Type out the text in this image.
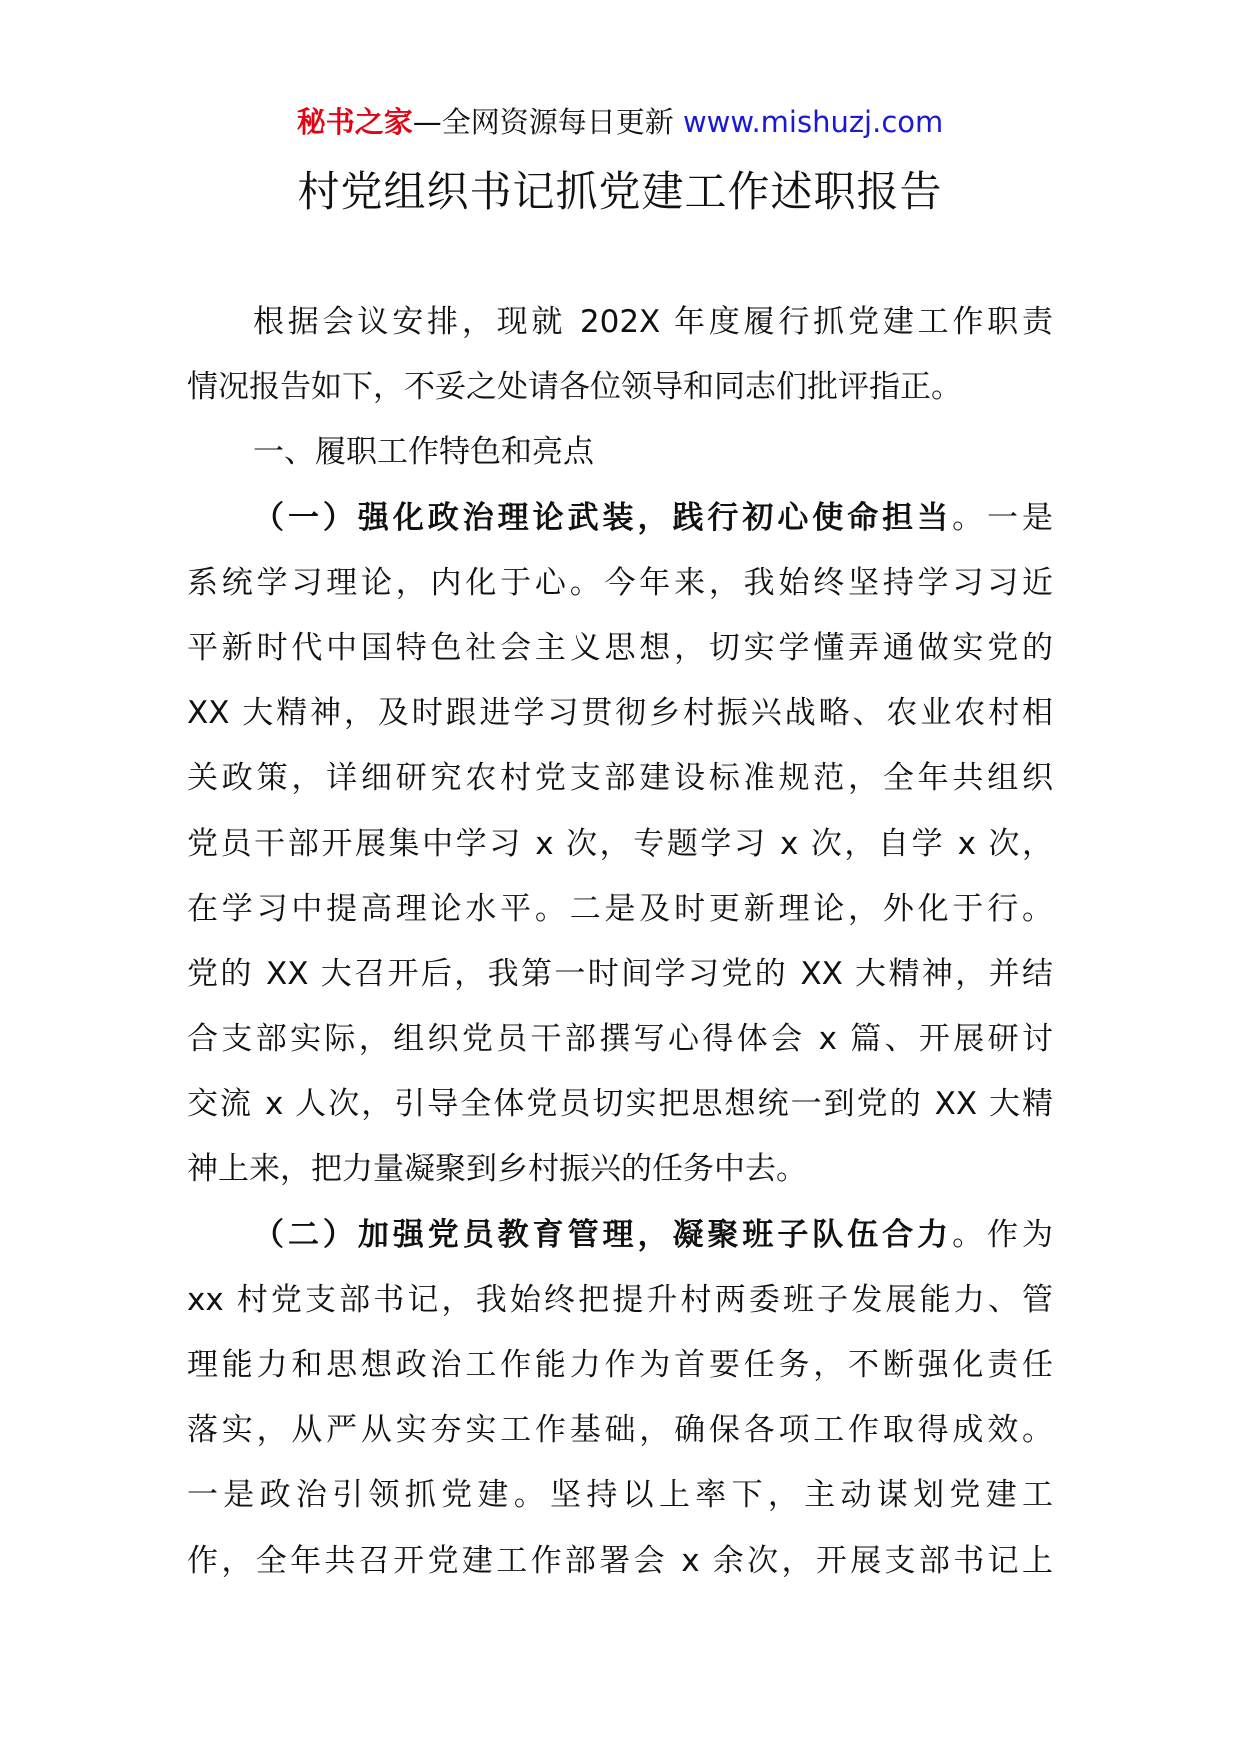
秘书之家—全网资源每日更新 www.mishuzj.com
村党组织书记抓党建工作述职报告
根据会议安排，现就 202X 年度履行抓党建工作职责
情况报告如下，不妥之处请各位领导和同志们批评指正。
一、履职工作特色和亮点
（一）强化政治理论武装，践行初心使命担当。一是
系统学习理论，内化于心。今年来，我始终坚持学习习近
平新时代中国特色社会主义思想，切实学懂弄通做实党的
XX 大精神，及时跟进学习贯彻乡村振兴战略、农业农村相
关政策，详细研究农村党支部建设标准规范，全年共组织
党员干部开展集中学习 x 次，专题学习 x 次，自学 x 次，
在学习中提高理论水平。二是及时更新理论，外化于行。
党的 XX 大召开后，我第一时间学习党的 XX 大精神，并结
合支部实际，组织党员干部撰写心得体会 x 篇、开展研讨
交流 x 人次，引导全体党员切实把思想统一到党的 XX 大精
神上来，把力量凝聚到乡村振兴的任务中去。
（二）加强党员教育管理，凝聚班子队伍合力。作为
xx 村党支部书记，我始终把提升村两委班子发展能力、管
理能力和思想政治工作能力作为首要任务，不断强化责任
落实，从严从实夯实工作基础，确保各项工作取得成效。
一是政治引领抓党建。坚持以上率下，主动谋划党建工
作，全年共召开党建工作部署会 x 余次，开展支部书记上
